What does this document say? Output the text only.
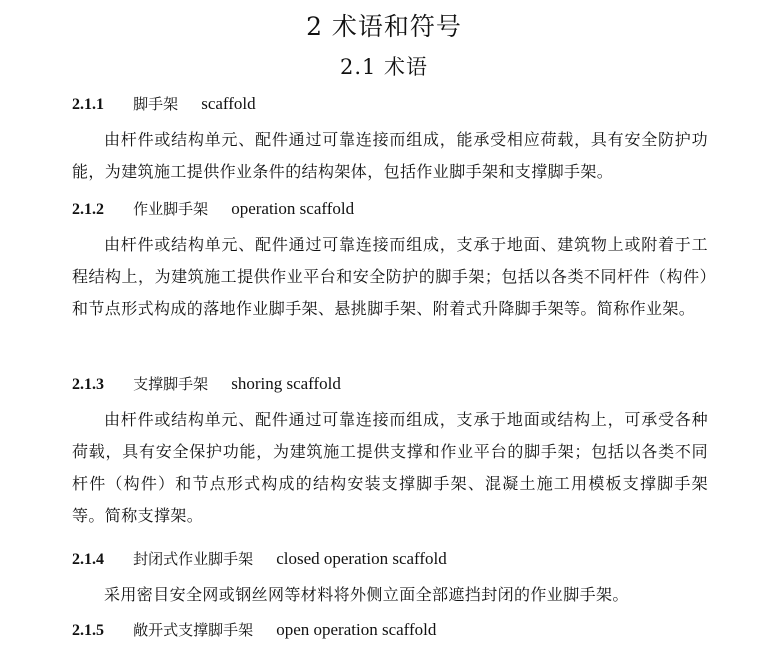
2 术语和符号
2.1 术语
2.1.1 脚手架 scaffold
由杆件或结构单元、配件通过可靠连接而组成，能承受相应荷载，具有安全防护功能，为建筑施工提供作业条件的结构架体，包括作业脚手架和支撑脚手架。
2.1.2 作业脚手架 operation scaffold
由杆件或结构单元、配件通过可靠连接而组成，支承于地面、建筑物上或附着于工程结构上，为建筑施工提供作业平台和安全防护的脚手架；包括以各类不同杆件（构件）和节点形式构成的落地作业脚手架、悬挑脚手架、附着式升降脚手架等。简称作业架。
2.1.3 支撑脚手架 shoring scaffold
由杆件或结构单元、配件通过可靠连接而组成，支承于地面或结构上，可承受各种荷载，具有安全保护功能，为建筑施工提供支撑和作业平台的脚手架；包括以各类不同杆件（构件）和节点形式构成的结构安装支撑脚手架、混凝土施工用模板支撑脚手架等。简称支撑架。
2.1.4 封闭式作业脚手架 closed operation scaffold
采用密目安全网或钢丝网等材料将外侧立面全部遮挡封闭的作业脚手架。
2.1.5 敞开式支撑脚手架 open operation scaffold
